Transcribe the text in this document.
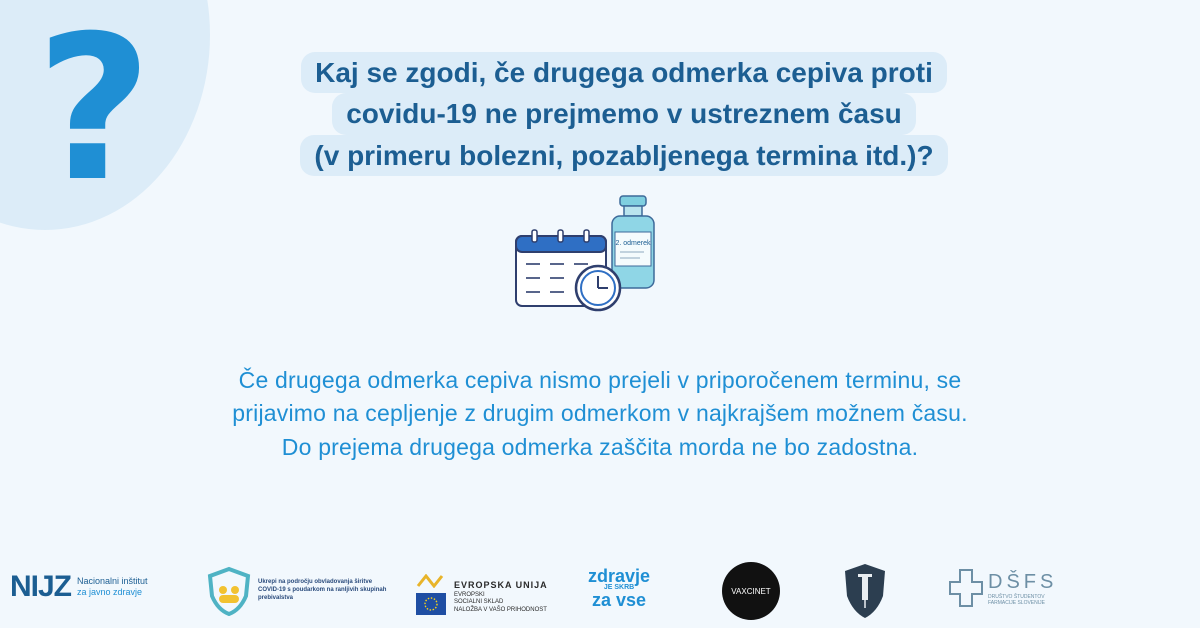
?	Kaj se zgodi, če drugega odmerka cepiva proti
covidu-19 ne prejmemo v ustreznem času
(v primeru bolezni, pozabljenega termina itd.)?
2. odmerek
Če drugega odmerka cepiva nismo prejeli v priporočenem terminu, se
prijavimo na cepljenje z drugim odmerkom v najkrajšem možnem času.
Do prejema drugega odmerka zaščita morda ne bo zadostna.
NIJZ Nacionalni inštitut
za javno zdravje
Ukrepi na področju obvladovanja širitve COVID-19 s poudarkom na ranljivih skupinah prebivalstva
EVROPSKA UNIJA
EVROPSKI
SOCIALNI SKLAD
NALOŽBA V VAŠO PRIHODNOST
zdravje
JE SKRB
za vse	VAXCINET	DŠFS
DRUŠTVO ŠTUDENTOV
FARMACIJE SLOVENIJE
